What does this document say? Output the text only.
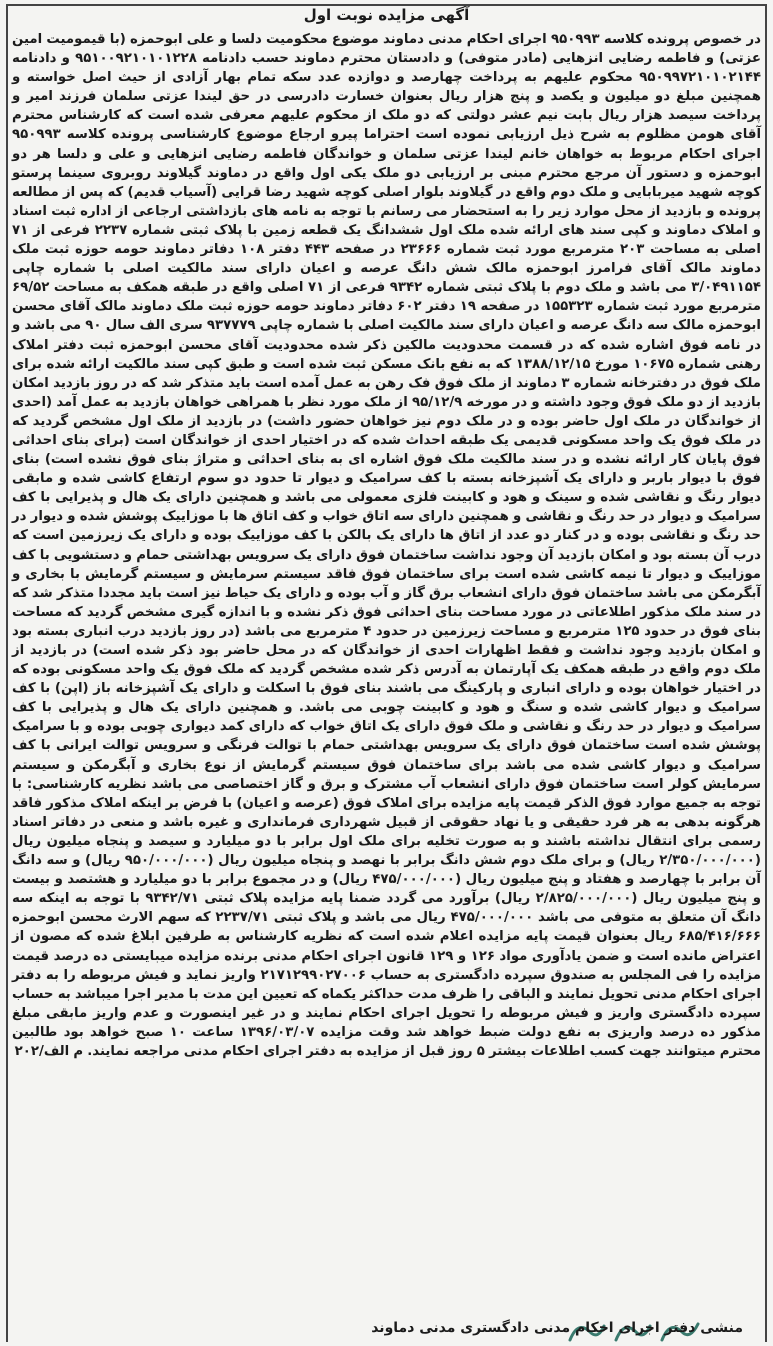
آگهی مزایده نوبت اول

در خصوص پرونده کلاسه ۹۵۰۹۹۳ اجرای احکام مدنی دماوند موضوع محکومیت دلسا و علی ابوحمزه (با قیمومیت امین عزتی) و فاطمه رضایی انزهایی (مادر متوفی) و دادستان محترم دماوند حسب دادنامه ۹۵۱۰۰۹۲۱۰۱۰۱۲۲۸ و دادنامه ۹۵۰۹۹۷۲۱۰۱۰۲۱۴۴ محکوم علیهم به پرداخت چهارصد و دوازده عدد سکه تمام بهار آزادی از حیث اصل خواسته و همچنین مبلغ دو میلیون و یکصد و پنج هزار ریال بعنوان خسارت دادرسی در حق لیندا عزتی سلمان فرزند امیر و پرداخت سیصد هزار ریال بابت نیم عشر دولتی که دو ملک از محکوم علیهم معرفی شده است که کارشناس محترم آقای هومن مظلوم به شرح ذیل ارزیابی نموده است احتراما پیرو ارجاع موضوع کارشناسی پرونده کلاسه ۹۵۰۹۹۳ اجرای احکام مربوط به خواهان خانم لیندا عزتی سلمان و خواندگان فاطمه رضایی انزهایی و علی و دلسا هر دو ابوحمزه و دستور آن مرجع محترم مبنی بر ارزیابی دو ملک یکی اول واقع در دماوند گیلاوند روبروی سینما پرستو کوچه شهید میربابایی و ملک دوم واقع در گیلاوند بلوار اصلی کوچه شهید رضا قرایی (آسیاب قدیم) که پس از مطالعه پرونده و بازدید از محل موارد زیر را به استحضار می رسانم با توجه به نامه های بازداشتی ارجاعی از اداره ثبت اسناد و املاک دماوند و کپی سند های ارائه شده ملک اول ششدانگ یک قطعه زمین با پلاک ثبتی شماره ۲۲۳۷ فرعی از ۷۱ اصلی به مساحت ۲۰۳ مترمربع مورد ثبت شماره ۲۳۶۶۶ در صفحه ۴۴۳ دفتر ۱۰۸ دفاتر دماوند حومه حوزه ثبت ملک دماوند مالک آقای فرامرز ابوحمزه مالک شش دانگ عرصه و اعیان دارای سند مالکیت اصلی با شماره چاپی ۳/۰۴۹۱۱۵۴ می باشد و ملک دوم با پلاک ثبتی شماره ۹۳۴۲ فرعی از ۷۱ اصلی واقع در طبقه همکف به مساحت ۶۹/۵۲ مترمربع مورد ثبت شماره ۱۵۵۳۲۳ در صفحه ۱۹ دفتر ۶۰۲ دفاتر دماوند حومه حوزه ثبت ملک دماوند مالک آقای محسن ابوحمزه مالک سه دانگ عرصه و اعیان دارای سند مالکیت اصلی با شماره چاپی ۹۳۷۷۷۹ سری الف سال ۹۰ می باشد و در نامه فوق اشاره شده که در قسمت محدودیت مالکین ذکر شده محدودیت آقای محسن ابوحمزه ثبت دفتر املاک رهنی شماره ۱۰۶۷۵ مورخ ۱۳۸۸/۱۲/۱۵ که به نفع بانک مسکن ثبت شده است و طبق کپی سند مالکیت ارائه شده برای ملک فوق در دفترخانه شماره ۳ دماوند از ملک فوق فک رهن به عمل آمده است باید متذکر شد که در روز بازدید امکان بازدید از دو ملک فوق وجود داشته و در مورخه ۹۵/۱۲/۹ از ملک مورد نظر با همراهی خواهان بازدید به عمل آمد (احدی از خواندگان در ملک اول حاضر بوده و در ملک دوم نیز خواهان حضور داشت) در بازدید از ملک اول مشخص گردید که در ملک فوق یک واحد مسکونی قدیمی یک طبقه احداث شده که در اختیار احدی از خواندگان است (برای بنای احداثی فوق پایان کار ارائه نشده و در سند مالکیت ملک فوق اشاره ای به بنای احداثی و متراژ بنای فوق نشده است) بنای فوق با دیوار باربر و دارای یک آشپزخانه بسته با کف سرامیک و دیوار تا حدود دو سوم ارتفاع کاشی شده و مابقی دیوار رنگ و نقاشی شده و سینک و هود و کابینت فلزی معمولی می باشد و همچنین دارای یک هال و پذیرایی با کف سرامیک و دیوار در حد رنگ و نقاشی و همچنین دارای سه اتاق خواب و کف اتاق ها با موزاییک پوشش شده و دیوار در حد رنگ و نقاشی بوده و در کنار دو عدد از اتاق ها دارای یک بالکن با کف موزاییک بوده و دارای یک زیرزمین است که درب آن بسته بود و امکان بازدید آن وجود نداشت ساختمان فوق دارای یک سرویس بهداشتی حمام و دستشویی با کف موزاییک و دیوار تا نیمه کاشی شده است برای ساختمان فوق فاقد سیستم سرمایش و سیستم گرمایش با بخاری و آبگرمکن می باشد ساختمان فوق دارای انشعاب برق گاز و آب بوده و دارای یک حیاط نیز است باید مجددا متذکر شد که در سند ملک مذکور اطلاعاتی در مورد مساحت بنای احداثی فوق ذکر نشده و با اندازه گیری مشخص گردید که مساحت بنای فوق در حدود ۱۲۵ مترمربع و مساحت زیرزمین در حدود ۴ مترمربع می باشد (در روز بازدید درب انباری بسته بود و امکان بازدید وجود نداشت و فقط اظهارات احدی از خواندگان که در محل حاضر بود ذکر شده است) در بازدید از ملک دوم واقع در طبقه همکف یک آپارتمان به آدرس ذکر شده مشخص گردید که ملک فوق یک واحد مسکونی بوده که در اختیار خواهان بوده و دارای انباری و پارکینگ می باشند بنای فوق با اسکلت و دارای یک آشپزخانه باز (اپن) با کف سرامیک و دیوار کاشی شده و سنگ و هود و کابینت چوبی می باشد. و همچنین دارای یک هال و پذیرایی با کف سرامیک و دیوار در حد رنگ و نقاشی و ملک فوق دارای یک اتاق خواب که دارای کمد دیواری چوبی بوده و با سرامیک پوشش شده است ساختمان فوق دارای یک سرویس بهداشتی حمام با توالت فرنگی و سرویس توالت ایرانی با کف سرامیک و دیوار کاشی شده می باشد برای ساختمان فوق سیستم گرمایش از نوع بخاری و آبگرمکن و سیستم سرمایش کولر است ساختمان فوق دارای انشعاب آب مشترک و برق و گاز اختصاصی می باشد نظریه کارشناسی: با توجه به جمیع موارد فوق الذکر قیمت پایه مزایده برای املاک فوق (عرصه و اعیان) با فرض بر اینکه املاک مذکور فاقد هرگونه بدهی به هر فرد حقیقی و یا نهاد حقوقی از قبیل شهرداری فرمانداری و غیره باشد و منعی در دفاتر اسناد رسمی برای انتقال نداشته باشند و به صورت تخلیه برای ملک اول برابر با دو میلیارد و سیصد و پنجاه میلیون ریال (۲/۳۵۰/۰۰۰/۰۰۰ ریال) و برای ملک دوم شش دانگ برابر با نهصد و پنجاه میلیون ریال (۹۵۰/۰۰۰/۰۰۰ ریال) و سه دانگ آن برابر با چهارصد و هفتاد و پنج میلیون ریال (۴۷۵/۰۰۰/۰۰۰ ریال) و در مجموع برابر با دو میلیارد و هشتصد و بیست و پنج میلیون ریال (۲/۸۲۵/۰۰۰/۰۰۰ ریال) برآورد می گردد ضمنا پایه مزایده پلاک ثبتی ۹۳۴۲/۷۱ با توجه به اینکه سه دانگ آن متعلق به متوفی می باشد ۴۷۵/۰۰۰/۰۰۰ ریال می باشد و پلاک ثبتی ۲۲۳۷/۷۱ که سهم الارث محسن ابوحمزه ۶۸۵/۴۱۶/۶۶۶ ریال بعنوان قیمت پایه مزایده اعلام شده است که نظریه کارشناس به طرفین ابلاغ شده که مصون از اعتراض مانده است و ضمن یادآوری مواد ۱۲۶ و ۱۲۹ قانون اجرای احکام مدنی برنده مزایده میبایستی ده درصد قیمت مزایده را فی المجلس به صندوق سپرده دادگستری به حساب ۲۱۷۱۲۹۹۰۲۷۰۰۶ واریز نماید و فیش مربوطه را به دفتر اجرای احکام مدنی تحویل نمایند و الباقی را ظرف مدت حداکثر یکماه که تعیین این مدت با مدیر اجرا میباشد به حساب سپرده دادگستری واریز و فیش مربوطه را تحویل اجرای احکام نمایند و در غیر اینصورت و عدم واریز مابقی مبلغ مذکور ده درصد واریزی به نفع دولت ضبط خواهد شد وقت مزایده ۱۳۹۶/۰۳/۰۷ ساعت ۱۰ صبح خواهد بود طالبین محترم میتوانند جهت کسب اطلاعات بیشتر ۵ روز قبل از مزایده به دفتر اجرای احکام مدنی مراجعه نمایند. م الف/۲۰۲

منشی دفتر اجرای احکام مدنی دادگستری مدنی دماوند
